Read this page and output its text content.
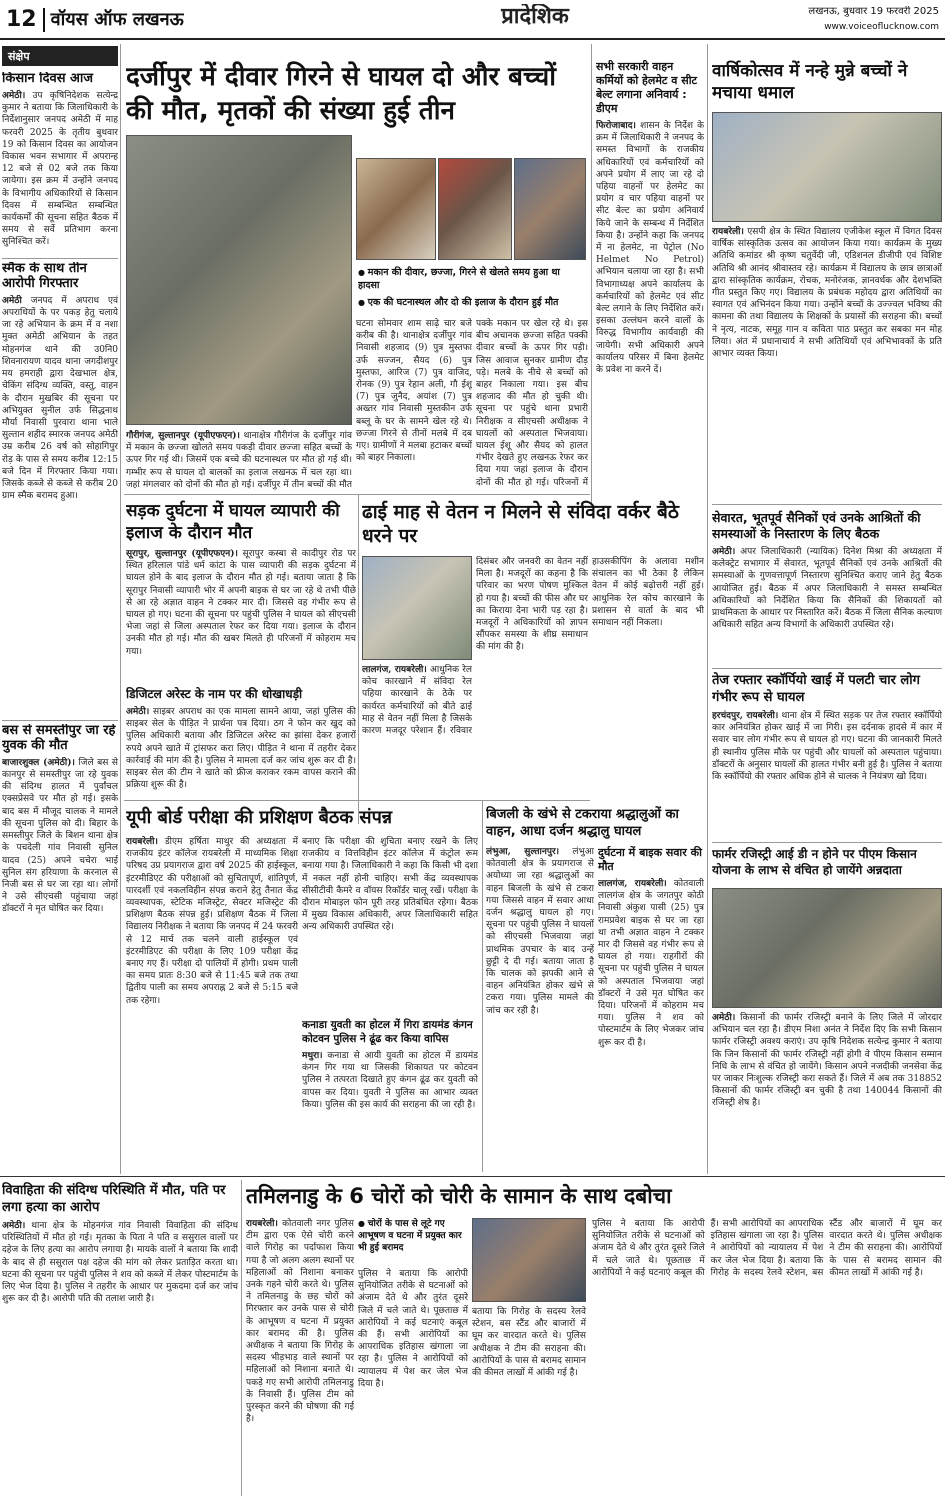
12 वॉयस ऑफ लखनऊ	प्रादेशिक	लखनऊ, बुधवार 19 फरवरी 2025
www.voiceoflucknow.com
संक्षेप
किसान दिवस आज
अमेठी। उप कृषिनिदेशक सत्येन्द्र कुमार ने बताया कि जिलाधिकारी के निर्देशानुसार जनपद अमेठी में माह फरवरी 2025 के तृतीय बुधवार 19 को किसान दिवस का आयोजन विकास भवन सभागार में अपरान्ह 12 बजे से 02 बजे तक किया जायेगा। इस क्रम में उन्होंने जनपद के विभागीय अधिकारियों से किसान दिवस में सम्बन्धित सम्बन्धित कार्यकर्मों की सूचना सहित बैठक में समय से सर्वे प्रतिभाग करना सुनिश्चित करें।
स्मैक के साथ तीन आरोपी गिरफ्तार
अमेठी जनपद में अपराध एवं अपराधियों के पर पकड़ हेतु चलाये जा रहे अभियान के क्रम में व नशा मुक्त अमेठी अभियान के तहत मोहनगंज थाने की उ0नि0 शिवनारायण यादव थाना जगदीशपुर मय हमराही द्वारा देखभाल क्षेत्र, चेकिंग संदिग्ध व्यक्ति, वस्तु, वाहन के दौरान मुखबिर की सूचना पर अभियुक्त सुनील उर्फ सिद्धनाथ मौर्या निवासी पुरवारा थाना भाले सुल्तान शहीद स्मारक जनपद अमेठी उम्र करीब 26 वर्ष को सोहागिपुर रोड़ के पास से समय करीब 12:15 बजे दिन में गिरफ्तार किया गया। जिसके कब्जे से कब्जे से करीब 20 ग्राम स्मैक बरामद हुआ।
बस से समस्तीपुर जा रहे युवक की मौत
बाजारशुक्ल (अमेठी)। जिले बस से कानपुर से समस्तीपुर जा रहे युवक की संदिग्ध हालत में पुर्वांचल एक्सप्रेसवे पर मौत हो गई। इसके बाद बस में मौजूद चालक ने मामले की सूचना पुलिस को दी। बिहार के समस्तीपुर जिले के बिशन थाना क्षेत्र के पचदेली गांव निवासी सुनिल यादव (25) अपने चचेरा भाई सुनिल संग हरियाणा के करनाल से निजी बस से घर जा रहा था। लोगों ने उसे सीएचसी पहुंचाया जहां डॉक्टरों ने मृत घोषित कर दिया।
दर्जीपुर में दीवार गिरने से घायल दो और बच्चों की मौत, मृतकों की संख्या हुई तीन
● मकान की दीवार, छज्जा, गिरने से खेलते समय हुआ था हादसा
● एक की घटनास्थल और दो की इलाज के दौरान हुई मौत
घटना सोमवार शाम साढ़े चार बजे करीब की है। थानाक्षेत्र दर्जीपुर गांव निवासी शहजाद (9) पुत्र मुस्तफा उर्फ सज्जन, सैयद (6) पुत्र मुस्तफा, आरिज (7) पुत्र वाजिद, रोनक (9) पुत्र रेहान अली, गौ ईशू (7) पुत्र जुनैद, अयांश (7) पुत्र अख्तर गांव निवासी मुस्तकीन उर्फ बब्लू के घर के सामने खेल रहे थे। छज्जा गिरने से तीनों मलबे में दब गए। ग्रामीणों ने मलबा हटाकर बच्चों को बाहर निकाला।
पक्के मकान पर खेल रहे थे। इस बीच अचानक छज्जा सहित पक्की दीवार बच्चों के ऊपर गिर पड़ी। जिस आवाज सुनकर ग्रामीण दौड़ पड़े। मलबे के नीचे से बच्चों को बाहर निकाला गया। इस बीच शहजाद की मौत हो चुकी थी। सूचना पर पहुंचे थाना प्रभारी निरीक्षक व सीएचसी अधीक्षक ने घायलों को अस्पताल भिजवाया। घायल ईशू और सैयद को हालत गंभीर देखते हुए लखनऊ रेफर कर दिया गया जहां इलाज के दौरान दोनों की मौत हो गई। परिजनों में
गौरीगंज, सुल्तानपुर (यूपीएफएन)। थानाक्षेत्र गौरीगंज के दर्जीपुर गांव में मकान के छज्जा खोलते समय पकड़ी दीवार छज्जा सहित बच्चों के ऊपर गिर गई थी। जिसमें एक बच्चे की घटनास्थल पर मौत हो गई थी। गम्भीर रूप से घायल दो बालकों का इलाज लखनऊ में चल रहा था। जहां मंगलवार को दोनों की मौत हो गई। दर्जीपुर में तीन बच्चों की मौत
सभी सरकारी वाहन कर्मियों को हेलमेट व सीट बेल्ट लगाना अनिवार्य : डीएम
फिरोजाबाद। शासन के निर्देश के क्रम में जिलाधिकारी ने जनपद के समस्त विभागों के राजकीय अधिकारियों एवं कर्मचारियों को अपने प्रयोग में लाए जा रहे दो पहिया वाहनों पर हेलमेट का प्रयोग व चार पहिया वाहनों पर सीट बेल्ट का प्रयोग अनिवार्य किये जाने के सम्बन्ध में निर्देशित किया है। उन्होंने कहा कि जनपद में ना हेलमेट, ना पेट्रोल (No Helmet No Petrol) अभियान चलाया जा रहा है। सभी विभागाध्यक्ष अपने कार्यालय के कर्मचारियों को हेलमेट एवं सीट बेल्ट लगाने के लिए निर्देशित करें। इसका उल्लंघन करने वालों के विरुद्ध विभागीय कार्यवाही की जायेगी। सभी अधिकारी अपने कार्यालय परिसर में बिना हेलमेट के प्रवेश ना करने दें।
वार्षिकोत्सव में नन्हे मुन्ने बच्चों ने मचाया धमाल
रायबरेली। एसपी क्षेत्र के स्थित विद्यालय एजीकेश स्कूल में विगत दिवस वार्षिक सांस्कृतिक उत्सव का आयोजन किया गया। कार्यक्रम के मुख्य अतिथि कमांडर श्री कृष्ण चतुर्वेदी जी, एडिशनल डीजीपी एवं विशिष्ट अतिथि श्री आनंद श्रीवास्तव रहे। कार्यक्रम में विद्यालय के छात्र छात्राओं द्वारा सांस्कृतिक कार्यक्रम, रोचक, मनोरंजक, ज्ञानवर्धक और देशभक्ति गीत प्रस्तुत किए गए। विद्यालय के प्रबंधक महोदय द्वारा अतिथियों का स्वागत एवं अभिनंदन किया गया। उन्होंने बच्चों के उज्ज्वल भविष्य की कामना की तथा विद्यालय के शिक्षकों के प्रयासों की सराहना की। बच्चों ने नृत्य, नाटक, समूह गान व कविता पाठ प्रस्तुत कर सबका मन मोह लिया। अंत में प्रधानाचार्य ने सभी अतिथियों एवं अभिभावकों के प्रति आभार व्यक्त किया।
सेवारत, भूतपूर्व सैनिकों एवं उनके आश्रितों की समस्याओं के निस्तारण के लिए बैठक
अमेठी। अपर जिलाधिकारी (न्यायिक) दिनेश मिश्रा की अध्यक्षता में कलेक्ट्रेट सभागार में सेवारत, भूतपूर्व सैनिकों एवं उनके आश्रितों की समस्याओं के गुणवत्तापूर्ण निस्तारण सुनिश्चित कराए जाने हेतु बैठक आयोजित हुई। बैठक में अपर जिलाधिकारी ने समस्त सम्बन्धित अधिकारियों को निर्देशित किया कि सैनिकों की शिकायतों को प्राथमिकता के आधार पर निस्तारित करें। बैठक में जिला सैनिक कल्याण अधिकारी सहित अन्य विभागों के अधिकारी उपस्थित रहे।
तेज रफ्तार स्कॉर्पियो खाई में पलटी चार लोग गंभीर रूप से घायल
हरचंदपुर, रायबरेली। थाना क्षेत्र में स्थित सड़क पर तेज रफ्तार स्कॉर्पियो कार अनियंत्रित होकर खाई में जा गिरी। इस दर्दनाक हादसे में कार में सवार चार लोग गंभीर रूप से घायल हो गए। घटना की जानकारी मिलते ही स्थानीय पुलिस मौके पर पहुंची और घायलों को अस्पताल पहुंचाया। डॉक्टरों के अनुसार घायलों की हालत गंभीर बनी हुई है। पुलिस ने बताया कि स्कॉर्पियो की रफ्तार अधिक होने से चालक ने नियंत्रण खो दिया।
फार्मर रजिस्ट्री आई डी न होने पर पीएम किसान योजना के लाभ से वंचित हो जायेंगे अन्नदाता
अमेठी। किसानों की फार्मर रजिस्ट्री बनाने के लिए जिले में जोरदार अभियान चल रहा है। डीएम निशा अनंत ने निर्देश दिए कि सभी किसान फार्मर रजिस्ट्री अवश्य कराएं। उप कृषि निदेशक सत्येन्द्र कुमार ने बताया कि जिन किसानों की फार्मर रजिस्ट्री नहीं होगी वे पीएम किसान सम्मान निधि के लाभ से वंचित हो जायेंगे। किसान अपने नजदीकी जनसेवा केंद्र पर जाकर निःशुल्क रजिस्ट्री करा सकते हैं। जिले में अब तक 318852 किसानों की फार्मर रजिस्ट्री बन चुकी है तथा 140044 किसानों की रजिस्ट्री शेष है।
सड़क दुर्घटना में घायल व्यापारी की इलाज के दौरान मौत
सूरापुर, सुल्तानपुर (यूपीएफएन)। सूरापुर कस्बा से कादीपुर रोड पर स्थित हरिलाल पांडे धर्म कांटा के पास व्यापारी की सड़क दुर्घटना में घायल होने के बाद इलाज के दौरान मौत हो गई। बताया जाता है कि सूरापुर निवासी व्यापारी भोर में अपनी बाइक से घर जा रहे थे तभी पीछे से आ रहे अज्ञात वाहन ने टक्कर मार दी। जिससे वह गंभीर रूप से घायल हो गए। घटना की सूचना पर पहुंची पुलिस ने घायल को सीएचसी भेजा जहां से जिला अस्पताल रेफर कर दिया गया। इलाज के दौरान उनकी मौत हो गई। मौत की खबर मिलते ही परिजनों में कोहराम मच गया।
डिजिटल अरेस्ट के नाम पर की धोखाधड़ी
अमेठी। साइबर अपराध का एक मामला सामने आया, जहां पुलिस की साइबर सेल के पीड़ित ने प्रार्थना पत्र दिया। ठग ने फोन कर खुद को पुलिस अधिकारी बताया और डिजिटल अरेस्ट का झांसा देकर हजारों रुपये अपने खाते में ट्रांसफर करा लिए। पीड़ित ने थाना में तहरीर देकर कार्रवाई की मांग की है। पुलिस ने मामला दर्ज कर जांच शुरू कर दी है। साइबर सेल की टीम ने खाते को फ्रीज कराकर रकम वापस कराने की प्रक्रिया शुरू की है।
ढाई माह से वेतन न मिलने से संविदा वर्कर बैठे धरने पर
दिसंबर और जनवरी का वेतन नहीं मिला है। मजदूरों का कहना है कि परिवार का भरण पोषण मुश्किल हो गया है। बच्चों की फीस और घर का किराया देना भारी पड़ रहा है। मजदूरों ने अधिकारियों को ज्ञापन सौंपकर समस्या के शीघ्र समाधान की मांग की है।
हाउसकीपिंग के अलावा मशीन संचालन का भी ठेका है लेकिन वेतन में कोई बढ़ोत्तरी नहीं हुई। आधुनिक रेल कोच कारखाने के प्रशासन से वार्ता के बाद भी समाधान नहीं निकला।
लालगंज, रायबरेली। आधुनिक रेल कोच कारखाने में संविदा रेल पहिया कारखाने के ठेके पर कार्यरत कर्मचारियों को बीते ढाई माह से वेतन नहीं मिला है जिसके कारण मजदूर परेशान हैं। रविवार
यूपी बोर्ड परीक्षा की प्रशिक्षण बैठक संपन्न
रायबरेली। डीएम हर्षिता माथुर की अध्यक्षता में राजकीय इंटर कॉलेज रायबरेली में माध्यमिक शिक्षा परिषद उप्र प्रयागराज द्वारा वर्ष 2025 की हाईस्कूल, इंटरमीडिएट की परीक्षाओं को सुचितापूर्ण, शांतिपूर्ण, पारदर्शी एवं नकलविहीन संपन्न कराने हेतु तैनात केंद्र व्यवस्थापक, स्टेटिक मजिस्ट्रेट, सेक्टर मजिस्ट्रेट की प्रशिक्षण बैठक संपन्न हुई। प्रशिक्षण बैठक में जिला विद्यालय निरीक्षक ने बताया कि जनपद में 24 फरवरी से 12 मार्च तक चलने वाली हाईस्कूल एवं इंटरमीडिएट की परीक्षा के लिए 109 परीक्षा केंद्र बनाए गए हैं। परीक्षा दो पालियों में होगी। प्रथम पाली का समय प्रातः 8:30 बजे से 11:45 बजे तक तथा द्वितीय पाली का समय अपराह्न 2 बजे से 5:15 बजे तक रहेगा।
बनाए कि परीक्षा की शुचिता बनाए रखने के लिए राजकीय व वित्तविहीन इंटर कॉलेज में कंट्रोल रूम बनाया गया है। जिलाधिकारी ने कहा कि किसी भी दशा में नकल नहीं होनी चाहिए। सभी केंद्र व्यवस्थापक सीसीटीवी कैमरे व वॉयस रिकॉर्डर चालू रखें। परीक्षा के दौरान मोबाइल फोन पूरी तरह प्रतिबंधित रहेगा। बैठक में मुख्य विकास अधिकारी, अपर जिलाधिकारी सहित अन्य अधिकारी उपस्थित रहे।
कनाडा युवती का होटल में गिरा डायमंड कंगन कोटवन पुलिस ने ढूंढ कर किया वापिस
मथुरा। कनाडा से आयी युवती का होटल में डायमंड कंगन गिर गया था जिसकी शिकायत पर कोटवन पुलिस ने तत्परता दिखाते हुए कंगन ढूंढ कर युवती को वापस कर दिया। युवती ने पुलिस का आभार व्यक्त किया। पुलिस की इस कार्य की सराहना की जा रही है।
बिजली के खंभे से टकराया श्रद्धालुओं का वाहन, आधा दर्जन श्रद्धालु घायल
लंभुआ, सुल्तानपुर। लंभुआ कोतवाली क्षेत्र के प्रयागराज से अयोध्या जा रहा श्रद्धालुओं का वाहन बिजली के खंभे से टकरा गया जिससे वाहन में सवार आधा दर्जन श्रद्धालु घायल हो गए। सूचना पर पहुंची पुलिस ने घायलों को सीएचसी भिजवाया जहां प्राथमिक उपचार के बाद उन्हें छुट्टी दे दी गई। बताया जाता है कि चालक को झपकी आने से वाहन अनियंत्रित होकर खंभे से टकरा गया। पुलिस मामले की जांच कर रही है।
दुर्घटना में बाइक सवार की मौत
लालगंज, रायबरेली। कोतवाली लालगंज क्षेत्र के जगतपुर कोठी निवासी अंकुश पासी (25) पुत्र रामप्रवेश बाइक से घर जा रहा था तभी अज्ञात वाहन ने टक्कर मार दी जिससे वह गंभीर रूप से घायल हो गया। राहगीरों की सूचना पर पहुंची पुलिस ने घायल को अस्पताल भिजवाया जहां डॉक्टरों ने उसे मृत घोषित कर दिया। परिजनों में कोहराम मच गया। पुलिस ने शव को पोस्टमार्टम के लिए भेजकर जांच शुरू कर दी है।
विवाहिता की संदिग्ध परिस्थिति में मौत, पति पर लगा हत्या का आरोप
अमेठी। थाना क्षेत्र के मोहनगंज गांव निवासी विवाहिता की संदिग्ध परिस्थितियों में मौत हो गई। मृतका के पिता ने पति व ससुराल वालों पर दहेज के लिए हत्या का आरोप लगाया है। मायके वालों ने बताया कि शादी के बाद से ही ससुराल पक्ष दहेज की मांग को लेकर प्रताड़ित करता था। घटना की सूचना पर पहुंची पुलिस ने शव को कब्जे में लेकर पोस्टमार्टम के लिए भेज दिया है। पुलिस ने तहरीर के आधार पर मुकदमा दर्ज कर जांच शुरू कर दी है। आरोपी पति की तलाश जारी है।
तमिलनाडु के 6 चोरों को चोरी के सामान के साथ दबोचा
रायबरेली। कोतवाली नगर पुलिस टीम द्वारा एक ऐसे चोरी करने वाले गिरोह का पर्दाफाश किया गया है जो अलग अलग स्थानों पर महिलाओं को निशाना बनाकर उनके गहने चोरी करते थे। पुलिस ने तमिलनाडु के छह चोरों को गिरफ्तार कर उनके पास से चोरी के आभूषण व घटना में प्रयुक्त कार बरामद की है। पुलिस अधीक्षक ने बताया कि गिरोह के सदस्य भीड़भाड़ वाले स्थानों पर महिलाओं को निशाना बनाते थे। पकड़े गए सभी आरोपी तमिलनाडु के निवासी हैं। पुलिस टीम को पुरस्कृत करने की घोषणा की गई है।
● चोरों के पास से लूटे गए आभूषण व घटना में प्रयुक्त कार भी हुई बरामद
पुलिस ने बताया कि आरोपी सुनियोजित तरीके से घटनाओं को अंजाम देते थे और तुरंत दूसरे जिले में चले जाते थे। पूछताछ में आरोपियों ने कई घटनाएं कबूल की हैं। सभी आरोपियों का आपराधिक इतिहास खंगाला जा रहा है। पुलिस ने आरोपियों को न्यायालय में पेश कर जेल भेज दिया है।
बताया कि गिरोह के सदस्य रेलवे स्टेशन, बस स्टैंड और बाजारों में घूम कर वारदात करते थे। पुलिस अधीक्षक ने टीम की सराहना की। आरोपियों के पास से बरामद सामान की कीमत लाखों में आंकी गई है।
पुलिस ने बताया कि आरोपी सुनियोजित तरीके से घटनाओं को अंजाम देते थे और तुरंत दूसरे जिले में चले जाते थे। पूछताछ में आरोपियों ने कई घटनाएं कबूल की हैं। सभी आरोपियों का आपराधिक इतिहास खंगाला जा रहा है। पुलिस ने आरोपियों को न्यायालय में पेश कर जेल भेज दिया है। बताया कि गिरोह के सदस्य रेलवे स्टेशन, बस स्टैंड और बाजारों में घूम कर वारदात करते थे। पुलिस अधीक्षक ने टीम की सराहना की। आरोपियों के पास से बरामद सामान की कीमत लाखों में आंकी गई है।
